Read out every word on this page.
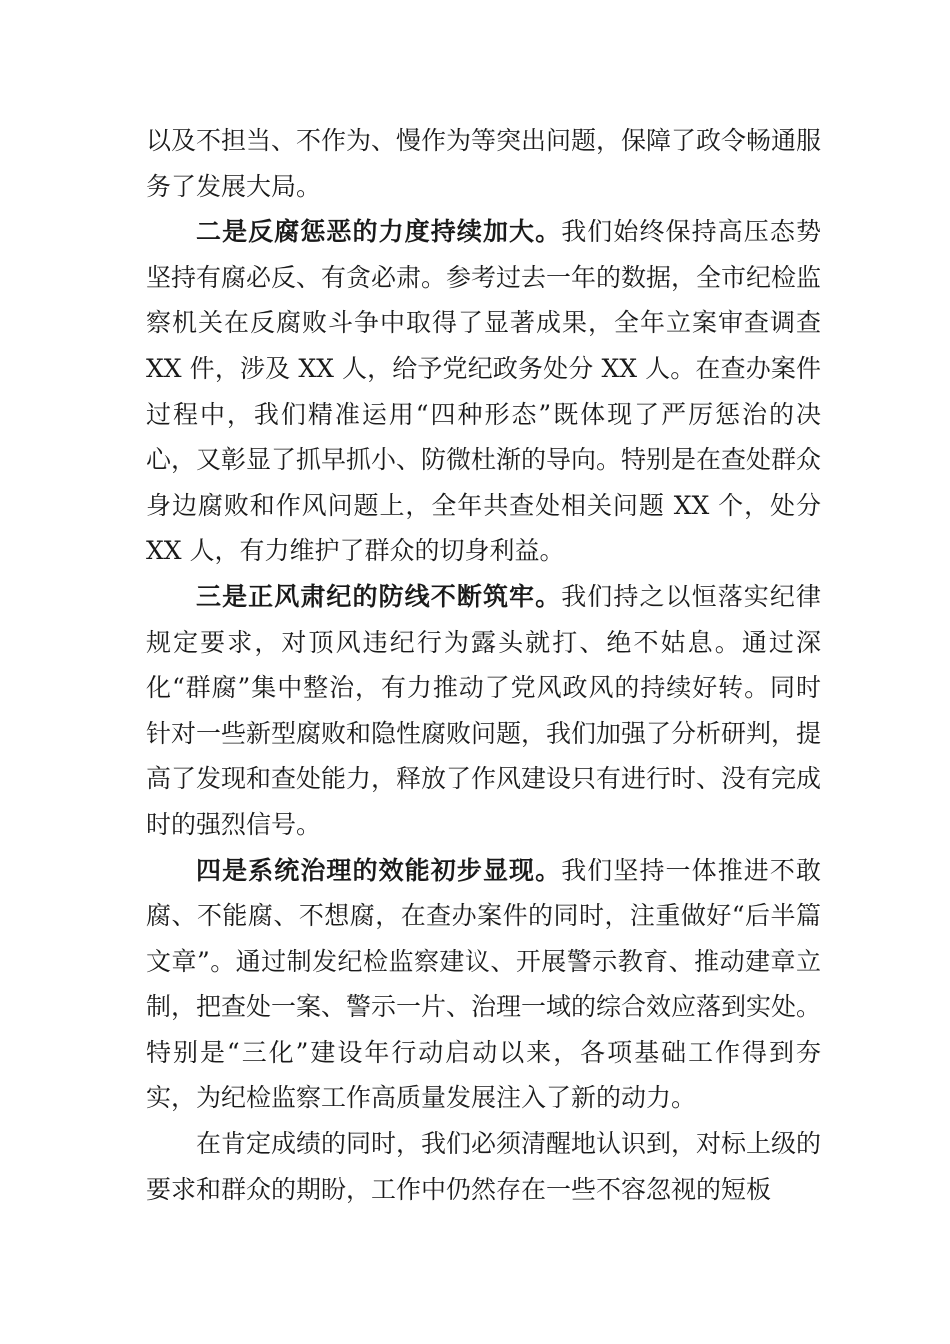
以及不担当、不作为、慢作为等突出问题，保障了政令畅通服务了发展大局。

二是反腐惩恶的力度持续加大。我们始终保持高压态势坚持有腐必反、有贪必肃。参考过去一年的数据，全市纪检监察机关在反腐败斗争中取得了显著成果，全年立案审查调查 XX 件，涉及 XX 人，给予党纪政务处分 XX 人。在查办案件过程中，我们精准运用“四种形态”既体现了严厉惩治的决心，又彰显了抓早抓小、防微杜渐的导向。特别是在查处群众身边腐败和作风问题上，全年共查处相关问题 XX 个，处分 XX 人，有力维护了群众的切身利益。

三是正风肃纪的防线不断筑牢。我们持之以恒落实纪律规定要求，对顶风违纪行为露头就打、绝不姑息。通过深化“群腐”集中整治，有力推动了党风政风的持续好转。同时针对一些新型腐败和隐性腐败问题，我们加强了分析研判，提高了发现和查处能力，释放了作风建设只有进行时、没有完成时的强烈信号。

四是系统治理的效能初步显现。我们坚持一体推进不敢腐、不能腐、不想腐，在查办案件的同时，注重做好“后半篇文章”。通过制发纪检监察建议、开展警示教育、推动建章立制，把查处一案、警示一片、治理一域的综合效应落到实处。特别是“三化”建设年行动启动以来，各项基础工作得到夯实，为纪检监察工作高质量发展注入了新的动力。

在肯定成绩的同时，我们必须清醒地认识到，对标上级的要求和群众的期盼，工作中仍然存在一些不容忽视的短板
